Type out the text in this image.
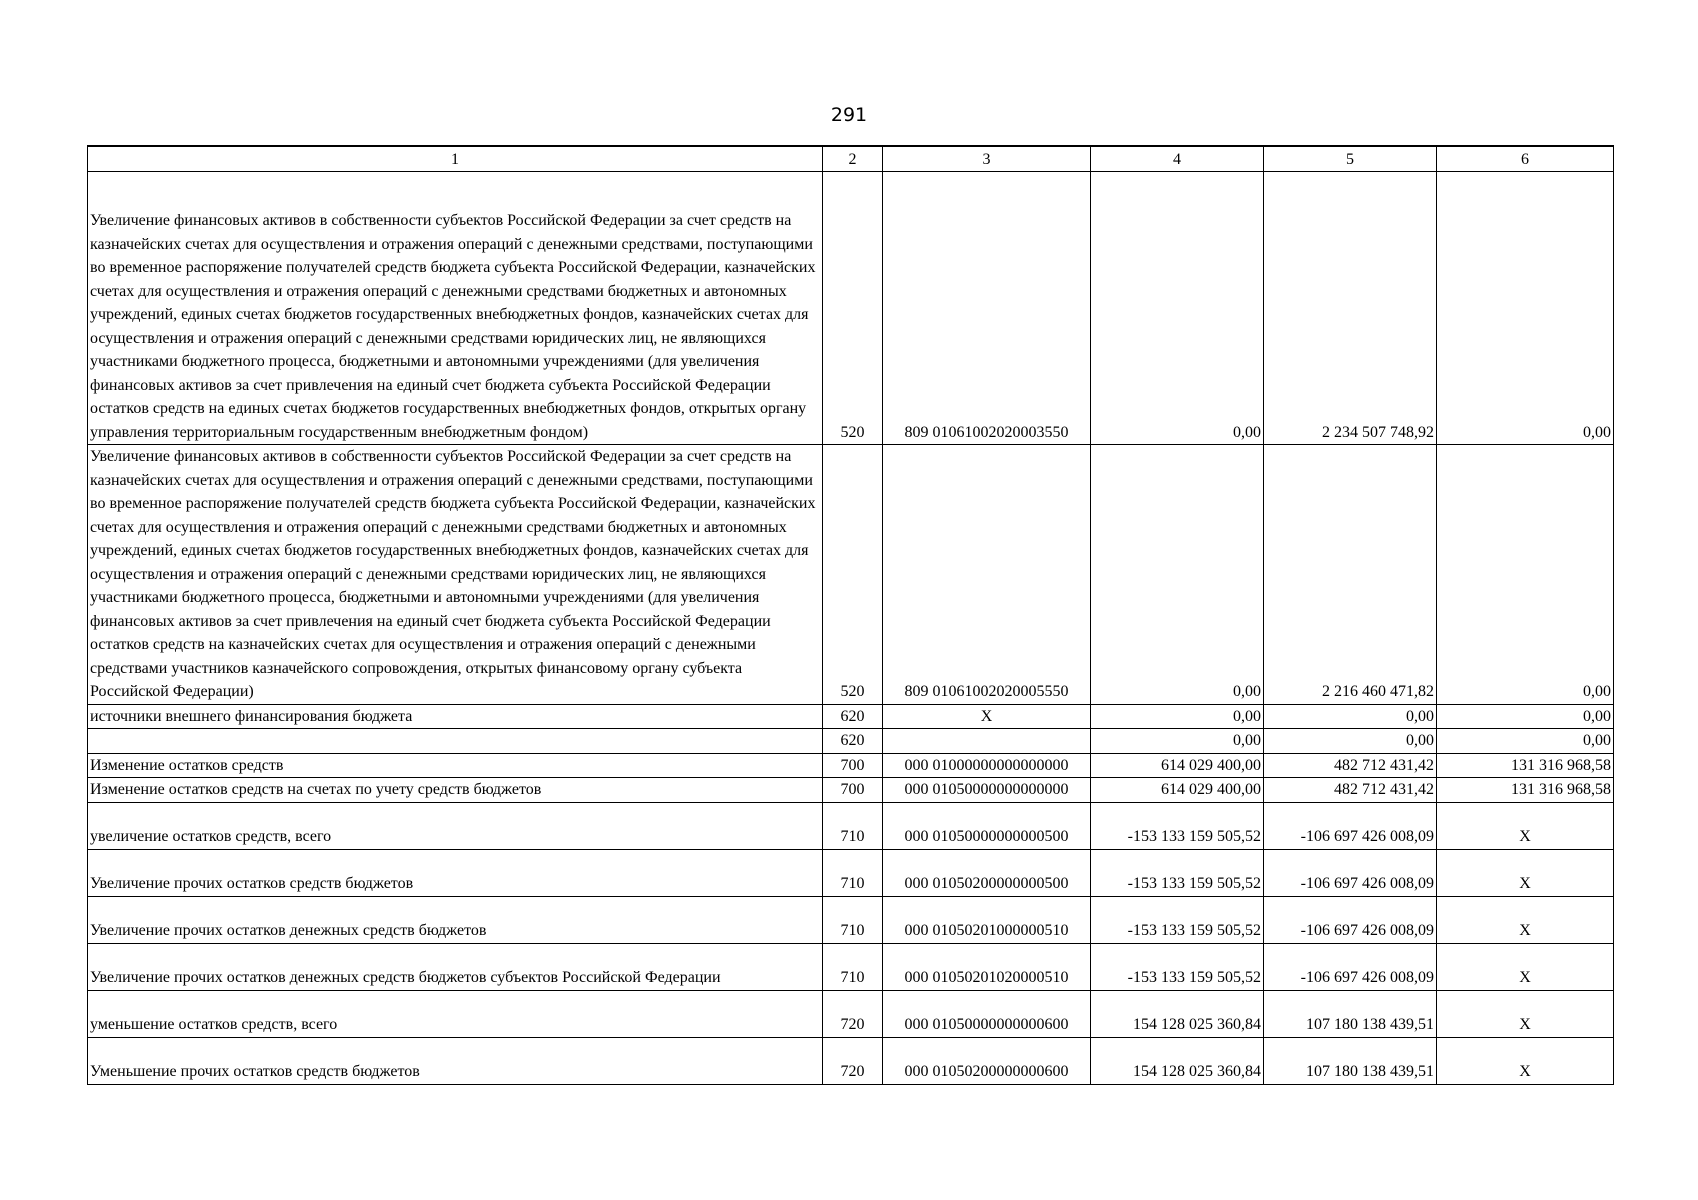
291
1	2	3	4	5	6

Увеличение финансовых активов в собственности субъектов Российской Федерации за счет средств на казначейских счетах для осуществления и отражения операций с денежными средствами, поступающими во временное распоряжение получателей средств бюджета субъекта Российской Федерации, казначейских счетах для осуществления и отражения операций с денежными средствами бюджетных и автономных учреждений, единых счетах бюджетов государственных внебюджетных фондов, казначейских счетах для осуществления и отражения операций с денежными средствами юридических лиц, не являющихся участниками бюджетного процесса, бюджетными и автономными учреждениями (для увеличения финансовых активов за счет привлечения на единый счет бюджета субъекта Российской Федерации остатков средств на единых счетах бюджетов государственных внебюджетных фондов, открытых органу управления территориальным государственным внебюджетным фондом)	520	809 01061002020003550	0,00	2 234 507 748,92	0,00
Увеличение финансовых активов в собственности субъектов Российской Федерации за счет средств на казначейских счетах для осуществления и отражения операций с денежными средствами, поступающими во временное распоряжение получателей средств бюджета субъекта Российской Федерации, казначейских счетах для осуществления и отражения операций с денежными средствами бюджетных и автономных учреждений, единых счетах бюджетов государственных внебюджетных фондов, казначейских счетах для осуществления и отражения операций с денежными средствами юридических лиц, не являющихся участниками бюджетного процесса, бюджетными и автономными учреждениями (для увеличения финансовых активов за счет привлечения на единый счет бюджета субъекта Российской Федерации остатков средств на казначейских счетах для осуществления и отражения операций с денежными средствами участников казначейского сопровождения, открытых финансовому органу субъекта Российской Федерации)	520	809 01061002020005550	0,00	2 216 460 471,82	0,00
источники внешнего финансирования бюджета	620	X	0,00	0,00	0,00
	620		0,00	0,00	0,00
Изменение остатков средств	700	000 01000000000000000	614 029 400,00	482 712 431,42	131 316 968,58
Изменение остатков средств на счетах по учету средств бюджетов	700	000 01050000000000000	614 029 400,00	482 712 431,42	131 316 968,58
увеличение остатков средств, всего	710	000 01050000000000500	-153 133 159 505,52	-106 697 426 008,09	X
Увеличение прочих остатков средств бюджетов	710	000 01050200000000500	-153 133 159 505,52	-106 697 426 008,09	X
Увеличение прочих остатков денежных средств бюджетов	710	000 01050201000000510	-153 133 159 505,52	-106 697 426 008,09	X
Увеличение прочих остатков денежных средств бюджетов субъектов Российской Федерации	710	000 01050201020000510	-153 133 159 505,52	-106 697 426 008,09	X
уменьшение остатков средств, всего	720	000 01050000000000600	154 128 025 360,84	107 180 138 439,51	X
Уменьшение прочих остатков средств бюджетов	720	000 01050200000000600	154 128 025 360,84	107 180 138 439,51	X
